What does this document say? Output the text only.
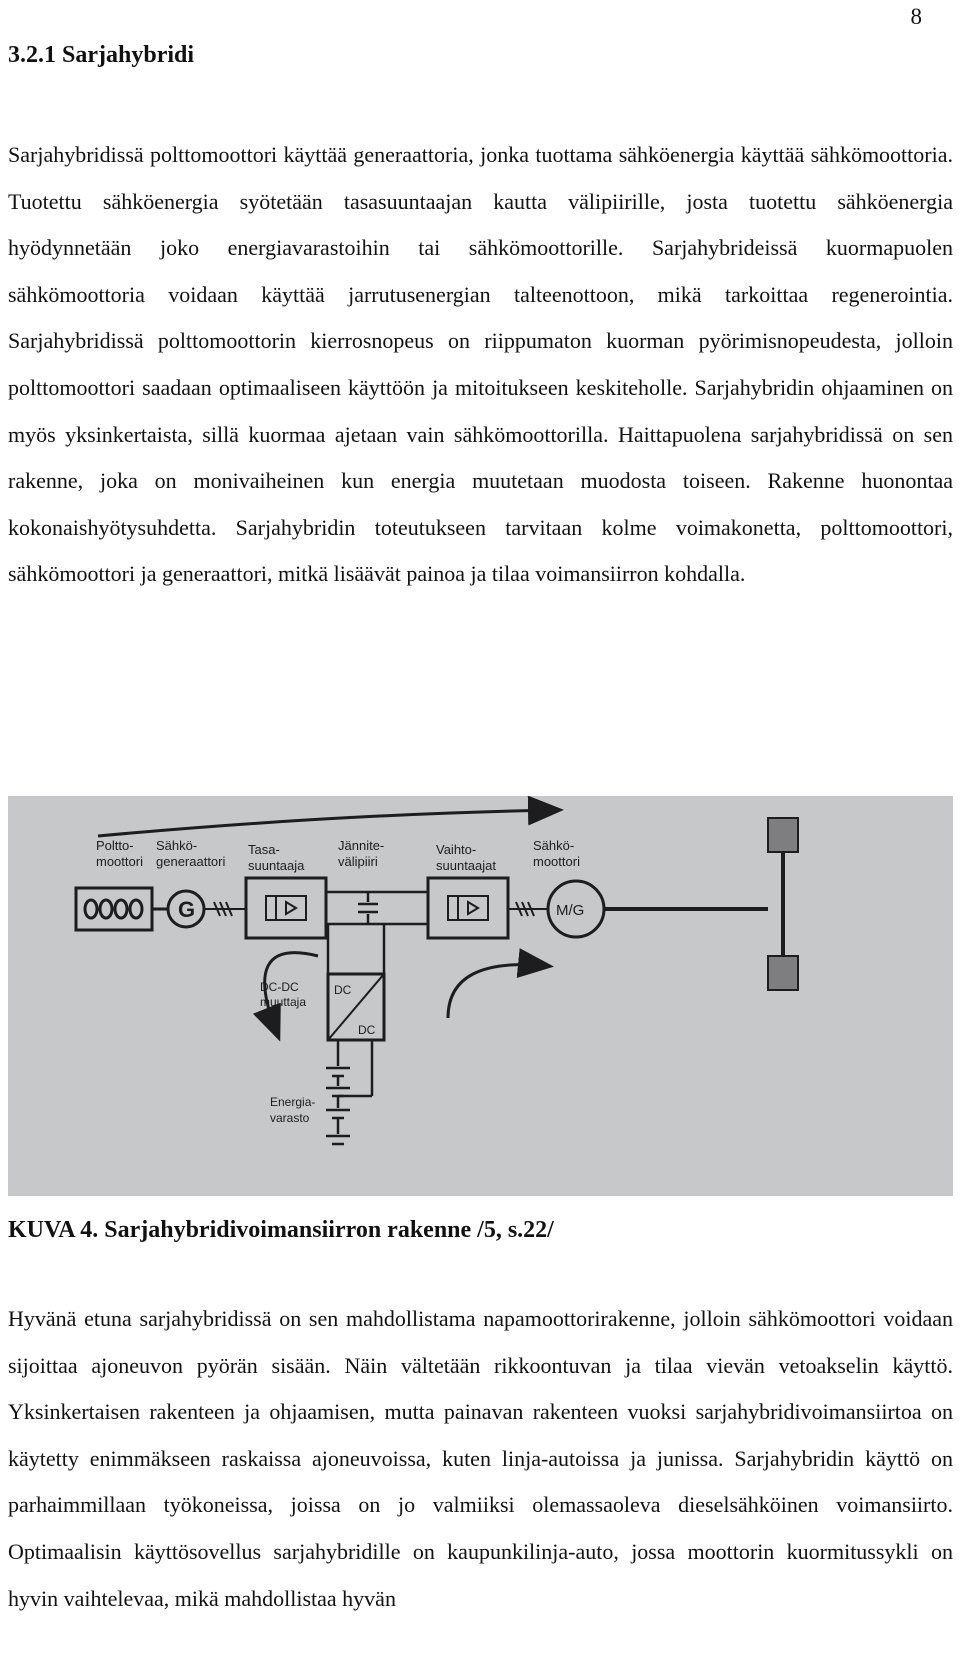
8
3.2.1 Sarjahybridi

Sarjahybridissä polttomoottori käyttää generaattoria, jonka tuottama sähköenergia käyttää sähkömoottoria. Tuotettu sähköenergia syötetään tasasuuntaajan kautta välipiirille, josta tuotettu sähköenergia hyödynnetään joko energiavarastoihin tai sähkömoottorille. Sarjahybrideissä kuormapuolen sähkömoottoria voidaan käyttää jarrutusenergian talteenottoon, mikä tarkoittaa regenerointia. Sarjahybridissä polttomoottorin kierrosnopeus on riippumaton kuorman pyörimisnopeudesta, jolloin polttomoottori saadaan optimaaliseen käyttöön ja mitoitukseen keskiteholle. Sarjahybridin ohjaaminen on myös yksinkertaista, sillä kuormaa ajetaan vain sähkömoottorilla. Haittapuolena sarjahybridissä on sen rakenne, joka on monivaiheinen kun energia muutetaan muodosta toiseen. Rakenne huonontaa kokonaishyötysuhdetta. Sarjahybridin toteutukseen tarvitaan kolme voimakonetta, polttomoottori, sähkömoottori ja generaattori, mitkä lisäävät painoa ja tilaa voimansiirron kohdalla.

Poltto-
moottori
Sähkö-
generaattori
Tasa-
suuntaaja
Jännite-
välipiiri
Vaihto-
suuntaajat
Sähkö-
moottori
G	M/G
DC
DC
DC-DC
muuttaja
Energia-
varasto

KUVA 4. Sarjahybridivoimansiirron rakenne /5, s.22/

Hyvänä etuna sarjahybridissä on sen mahdollistama napamoottorirakenne, jolloin sähkömoottori voidaan sijoittaa ajoneuvon pyörän sisään. Näin vältetään rikkoontuvan ja tilaa vievän vetoakselin käyttö. Yksinkertaisen rakenteen ja ohjaamisen, mutta painavan rakenteen vuoksi sarjahybridivoimansiirtoa on käytetty enimmäkseen raskaissa ajoneuvoissa, kuten linja-autoissa ja junissa. Sarjahybridin käyttö on parhaimmillaan työkoneissa, joissa on jo valmiiksi olemassaoleva dieselsähköinen voimansiirto. Optimaalisin käyttösovellus sarjahybridille on kaupunkilinja-auto, jossa moottorin kuormitussykli on hyvin vaihtelevaa, mikä mahdollistaa hyvän
